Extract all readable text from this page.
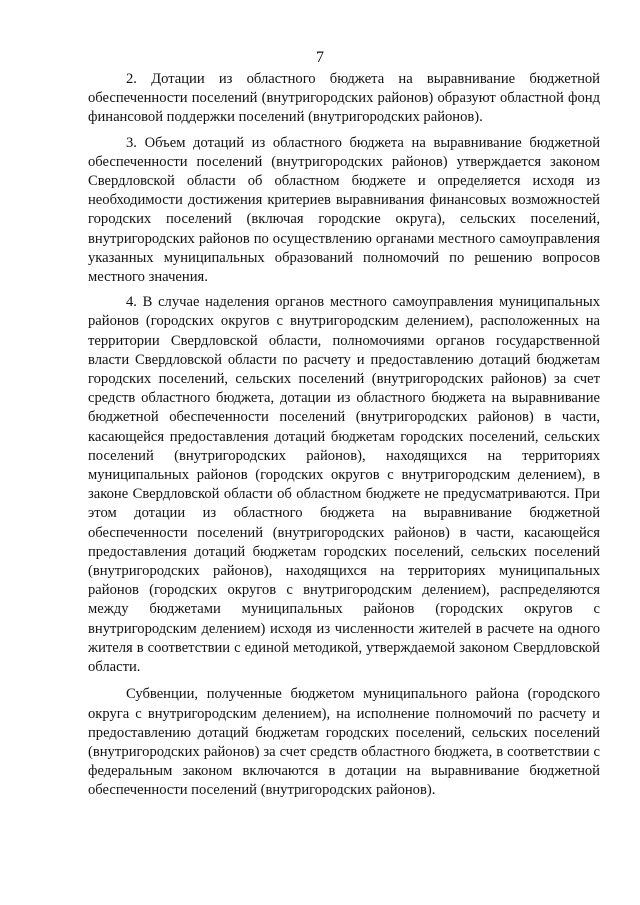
7

2. Дотации из областного бюджета на выравнивание бюджетной обеспеченности поселений (внутригородских районов) образуют областной фонд финансовой поддержки поселений (внутригородских районов).

3. Объем дотаций из областного бюджета на выравнивание бюджетной обеспеченности поселений (внутригородских районов) утверждается законом Свердловской области об областном бюджете и определяется исходя из необходимости достижения критериев выравнивания финансовых возможностей городских поселений (включая городские округа), сельских поселений, внутригородских районов по осуществлению органами местного самоуправления указанных муниципальных образований полномочий по решению вопросов местного значения.

4. В случае наделения органов местного самоуправления муниципальных районов (городских округов с внутригородским делением), расположенных на территории Свердловской области, полномочиями органов государственной власти Свердловской области по расчету и предоставлению дотаций бюджетам городских поселений, сельских поселений (внутригородских районов) за счет средств областного бюджета, дотации из областного бюджета на выравнивание бюджетной обеспеченности поселений (внутригородских районов) в части, касающейся предоставления дотаций бюджетам городских поселений, сельских поселений (внутригородских районов), находящихся на территориях муниципальных районов (городских округов с внутригородским делением), в законе Свердловской области об областном бюджете не предусматриваются. При этом дотации из областного бюджета на выравнивание бюджетной обеспеченности поселений (внутригородских районов) в части, касающейся предоставления дотаций бюджетам городских поселений, сельских поселений (внутригородских районов), находящихся на территориях муниципальных районов (городских округов с внутригородским делением), распределяются между бюджетами муниципальных районов (городских округов с внутригородским делением) исходя из численности жителей в расчете на одного жителя в соответствии с единой методикой, утверждаемой законом Свердловской области.

Субвенции, полученные бюджетом муниципального района (городского округа с внутригородским делением), на исполнение полномочий по расчету и предоставлению дотаций бюджетам городских поселений, сельских поселений (внутригородских районов) за счет средств областного бюджета, в соответствии с федеральным законом включаются в дотации на выравнивание бюджетной обеспеченности поселений (внутригородских районов).
